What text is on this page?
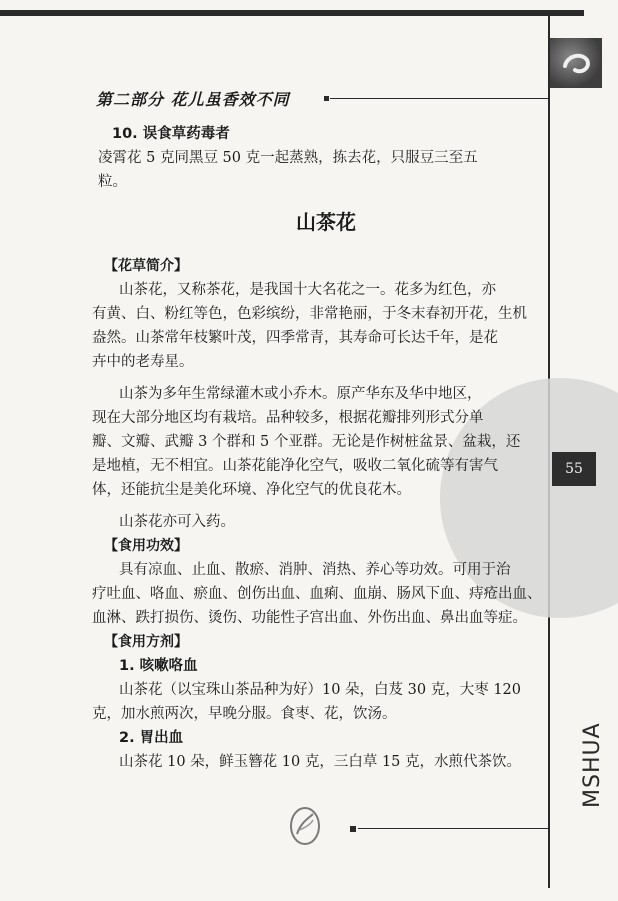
55
第二部分 花儿虽香效不同
10. 误食草药毒者
凌霄花 5 克同黑豆 50 克一起蒸熟，拣去花，只服豆三至五
粒。
山茶花
【花草简介】
山茶花，又称茶花，是我国十大名花之一。花多为红色，亦
有黄、白、粉红等色，色彩缤纷，非常艳丽，于冬末春初开花，生机
盎然。山茶常年枝繁叶茂，四季常青，其寿命可长达千年，是花
卉中的老寿星。
山茶为多年生常绿灌木或小乔木。原产华东及华中地区，
现在大部分地区均有栽培。品种较多，根据花瓣排列形式分单
瓣、文瓣、武瓣 3 个群和 5 个亚群。无论是作树桩盆景、盆栽，还
是地植，无不相宜。山茶花能净化空气，吸收二氧化硫等有害气
体，还能抗尘是美化环境、净化空气的优良花木。
山茶花亦可入药。
【食用功效】
具有凉血、止血、散瘀、消肿、消热、养心等功效。可用于治
疗吐血、咯血、瘀血、创伤出血、血痢、血崩、肠风下血、痔疮出血、
血淋、跌打损伤、烫伤、功能性子宫出血、外伤出血、鼻出血等症。
【食用方剂】
1. 咳嗽咯血
山茶花（以宝珠山茶品种为好）10 朵，白芨 30 克，大枣 120
克，加水煎两次，早晚分服。食枣、花，饮汤。
2. 胃出血
山茶花 10 朵，鲜玉簪花 10 克，三白草 15 克，水煎代茶饮。	MSHUA
